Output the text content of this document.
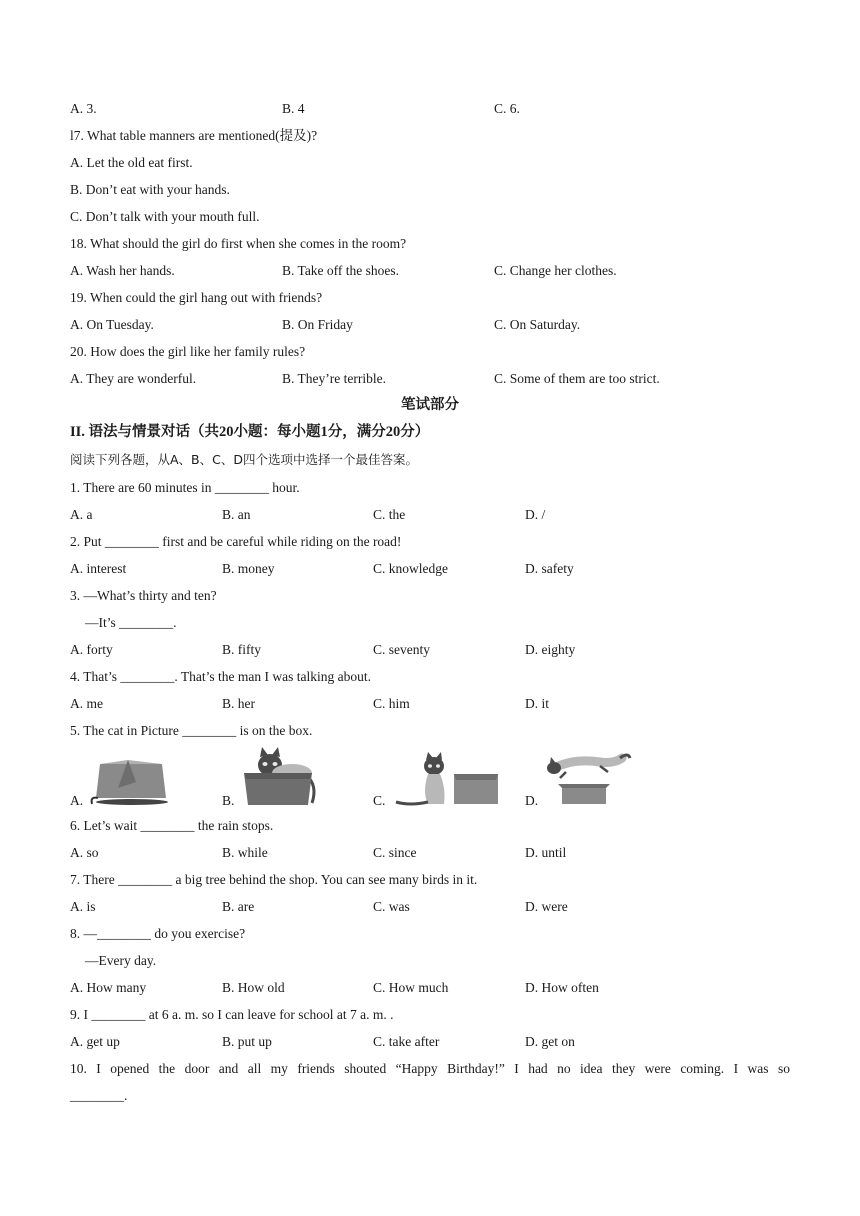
A. 3.	B. 4	C. 6.
l7. What table manners are mentioned(提及)?
A. Let the old eat first.
B. Don’t eat with your hands.
C. Don’t talk with your mouth full.
18. What should the girl do first when she comes in the room?
A. Wash her hands.	B. Take off the shoes.	C. Change her clothes.
19. When could the girl hang out with friends?
A. On Tuesday.	B. On Friday	C. On Saturday.
20. How does the girl like her family rules?
A. They are wonderful.	B. They’re terrible.	C. Some of them are too strict.
笔试部分
II. 语法与情景对话（共20小题：每小题1分，满分20分）
阅读下列各题，从A、B、C、D四个选项中选择一个最佳答案。
1. There are 60 minutes in ________ hour.
A. a	B. an	C. the	D. /
2. Put ________ first and be careful while riding on the road!
A. interest	B. money	C. knowledge	D. safety
3. —What’s thirty and ten?
—It’s ________.
A. forty	B. fifty	C. seventy	D. eighty
4. That’s ________. That’s the man I was talking about.
A. me	B. her	C. him	D. it
5. The cat in Picture ________ is on the box.
A.	B.	C.	D.
6. Let’s wait ________ the rain stops.
A. so	B. while	C. since	D. until
7. There ________ a big tree behind the shop. You can see many birds in it.
A. is	B. are	C. was	D. were
8. —________ do you exercise?
—Every day.
A. How many	B. How old	C. How much	D. How often
9. I ________ at 6 a. m. so I can leave for school at 7 a. m. .
A. get up	B. put up	C. take after	D. get on
10. I opened the door and all my friends shouted “Happy Birthday!” I had no idea they were coming. I was so
________.
